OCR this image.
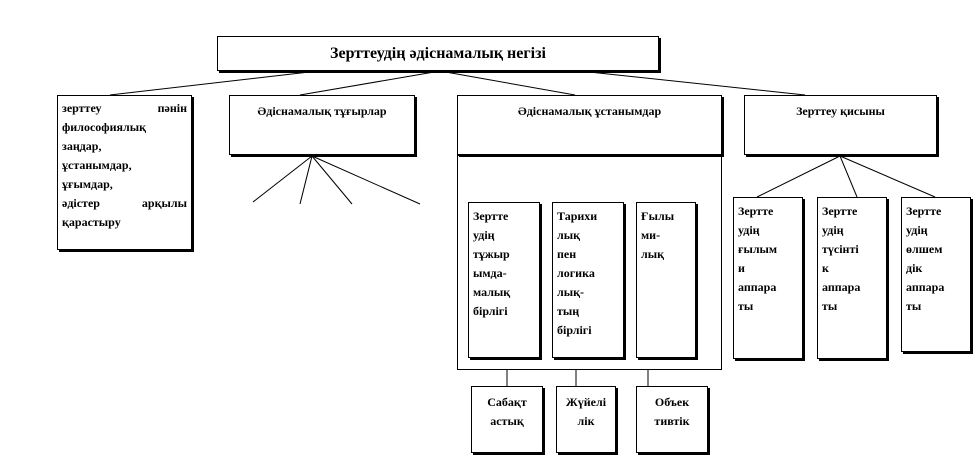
Зерттеудің әдіснамалық негізі
зерттеу пәнін
философиялық
заңдар,
ұстанымдар,
ұғымдар,
әдістер арқылы
қарастыру
Әдіснамалық тұғырлар	Әдіснамалық ұстанымдар	Зерттеу қисыны
Зертте
удің
тұжыр
ымда-
малық
бірлігі
Тарихи
лық
пен
логика
лық-
тың
бірлігі
Ғылы
ми-
лық
Зертте
удің
ғылым
и
аппара
ты
Зертте
удің
түсінті
к
аппара
ты
Зертте
удің
өлшем
дік
аппара
ты
Сабақт
астық
Жүйелі
лік
Объек
тивтік
